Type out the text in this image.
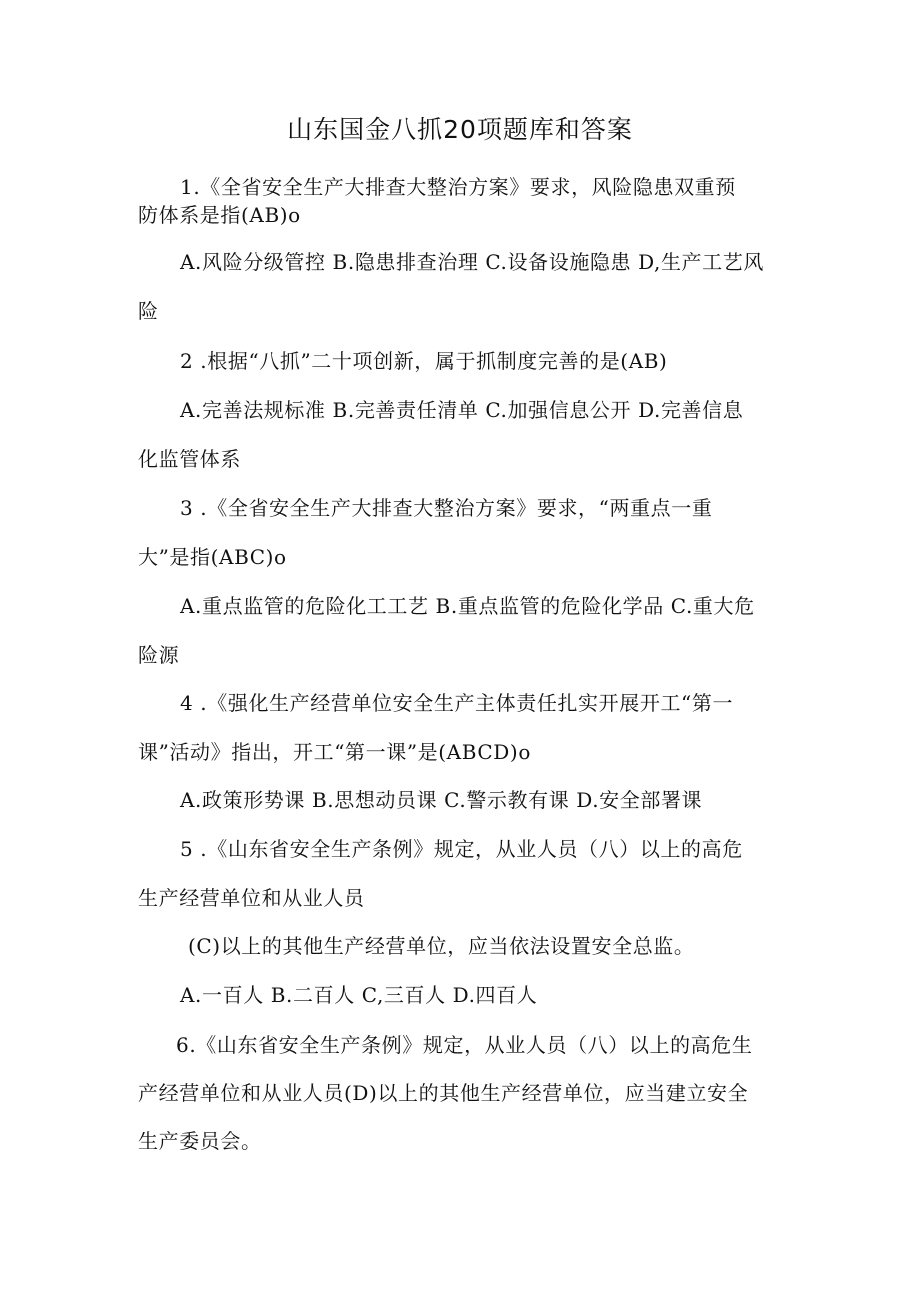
山东国金八抓20项题库和答案
1.《全省安全生产大排查大整治方案》要求，风险隐患双重预
防体系是指(AB)o
A.风险分级管控 B.隐患排查治理 C.设备设施隐患 D,生产工艺风
险
2 .根据“八抓”二十项创新，属于抓制度完善的是(AB)
A.完善法规标准 B.完善责任清单 C.加强信息公开 D.完善信息
化监管体系
3 .《全省安全生产大排查大整治方案》要求，“两重点一重
大”是指(ABC)o
A.重点监管的危险化工工艺 B.重点监管的危险化学品 C.重大危
险源
4 .《强化生产经营单位安全生产主体责任扎实开展开工“第一
课”活动》指出，开工“第一课”是(ABCD)o
A.政策形势课 B.思想动员课 C.警示教有课 D.安全部署课
5 .《山东省安全生产条例》规定，从业人员（八）以上的高危
生产经营单位和从业人员
(C)以上的其他生产经营单位，应当依法设置安全总监。
A.一百人 B.二百人 C,三百人 D.四百人
6.《山东省安全生产条例》规定，从业人员（八）以上的高危生
产经营单位和从业人员(D)以上的其他生产经营单位，应当建立安全
生产委员会。
